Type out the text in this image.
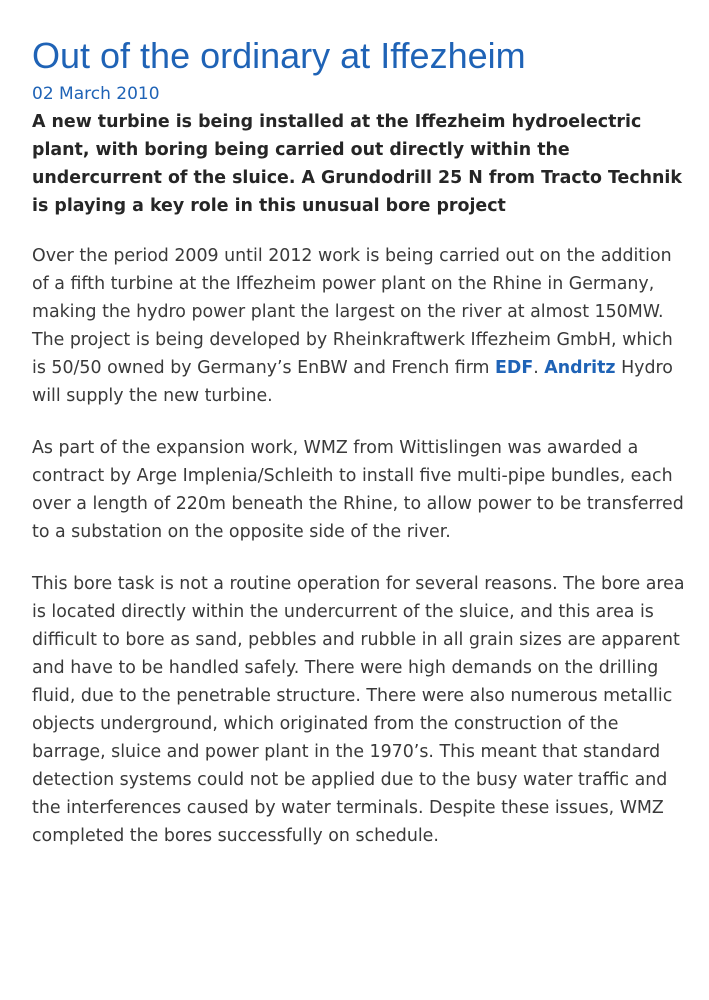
Out of the ordinary at Iffezheim
02 March 2010

A new turbine is being installed at the Iffezheim hydroelectric plant, with boring being carried out directly within the undercurrent of the sluice. A Grundodrill 25 N from Tracto Technik is playing a key role in this unusual bore project

Over the period 2009 until 2012 work is being carried out on the addition of a fifth turbine at the Iffezheim power plant on the Rhine in Germany, making the hydro power plant the largest on the river at almost 150MW. The project is being developed by Rheinkraftwerk Iffezheim GmbH, which is 50/50 owned by Germany’s EnBW and French firm EDF. Andritz Hydro will supply the new turbine.

As part of the expansion work, WMZ from Wittislingen was awarded a contract by Arge Implenia/Schleith to install five multi-pipe bundles, each over a length of 220m beneath the Rhine, to allow power to be transferred to a substation on the opposite side of the river.

This bore task is not a routine operation for several reasons. The bore area is located directly within the undercurrent of the sluice, and this area is difficult to bore as sand, pebbles and rubble in all grain sizes are apparent and have to be handled safely. There were high demands on the drilling fluid, due to the penetrable structure. There were also numerous metallic objects underground, which originated from the construction of the barrage, sluice and power plant in the 1970’s. This meant that standard detection systems could not be applied due to the busy water traffic and the interferences caused by water terminals. Despite these issues, WMZ completed the bores successfully on schedule.
